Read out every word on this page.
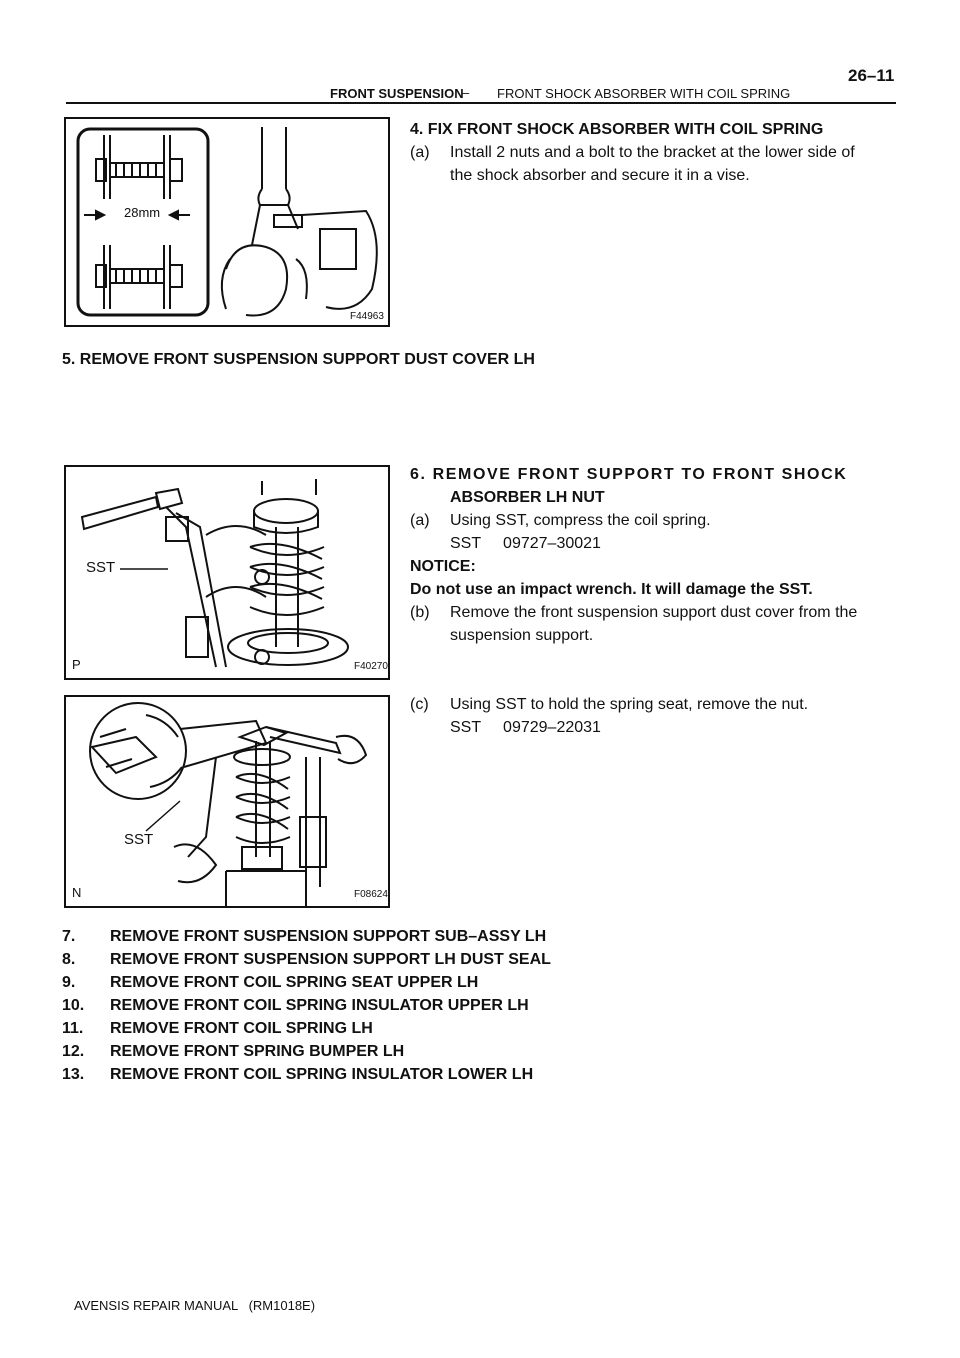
26–11
FRONT SUSPENSION
– FRONT SHOCK ABSORBER WITH COIL SPRING
28mm
F44963
4. FIX FRONT SHOCK ABSORBER WITH COIL SPRING
(a) Install 2 nuts and a bolt to the bracket at the lower side of
the shock absorber and secure it in a vise.
5. REMOVE FRONT SUSPENSION SUPPORT DUST COVER LH
SST
P	F40270
6. REMOVE FRONT SUPPORT TO FRONT SHOCK
ABSORBER LH NUT
(a) Using SST, compress the coil spring.
SST     09727–30021
NOTICE:
Do not use an impact wrench. It will damage the SST.
(b) Remove the front suspension support dust cover from the
suspension support.
SST
N	F08624
(c) Using SST to hold the spring seat, remove the nut.
SST     09729–22031
7. REMOVE FRONT SUSPENSION SUPPORT SUB–ASSY LH
8. REMOVE FRONT SUSPENSION SUPPORT LH DUST SEAL
9. REMOVE FRONT COIL SPRING SEAT UPPER LH
10. REMOVE FRONT COIL SPRING INSULATOR UPPER LH
11. REMOVE FRONT COIL SPRING LH
12. REMOVE FRONT SPRING BUMPER LH
13. REMOVE FRONT COIL SPRING INSULATOR LOWER LH
AVENSIS REPAIR MANUAL   (RM1018E)
